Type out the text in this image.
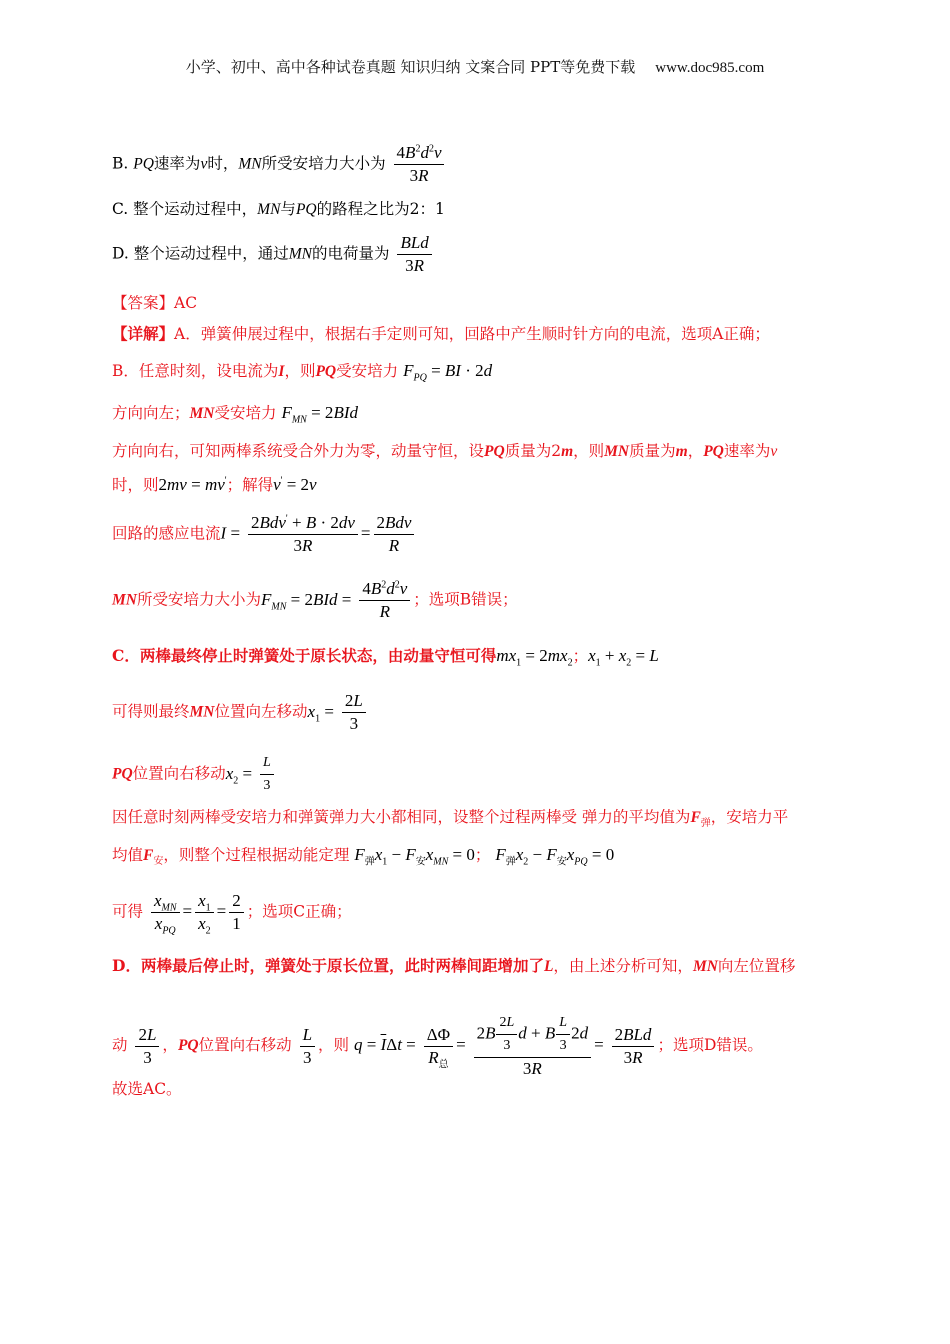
小学、初中、高中各种试卷真题 知识归纳 文案合同 PPT等免费下载 www.doc985.com
B. PQ速率为v时，MN所受安培力大小为 $\frac{4B^2d^2v}{3R}$
C. 整个运动过程中，MN与PQ的路程之比为2：1
D. 整个运动过程中，通过MN的电荷量为 $\frac{\text{BLd}}{3R}$
【答案】AC
【详解】A．弹簧伸展过程中，根据右手定则可知，回路中产生顺时针方向的电流，选项A正确；
B．任意时刻，设电流为I，则PQ受安培力 $F_{PQ}$ = BI · 2d
方向向左；MN受安培力 $F_{MN} = 2BId$
方向向右，可知两棒系统受合外力为零，动量守恒，设PQ质量为2m，则MN质量为m，PQ速率为v
时，则2mv = mv'；解得v' = 2v
回路的感应电流$I = \frac{2Bdv' + B \cdot 2dv}{3R} = \frac{\text{2Bdv}}{R}$
MN所受安培力大小为$F_{MN} = 2BId = \frac{4B^2d^2v}{R}$ ；选项B错误；
C．两棒最终停止时弹簧处于原长状态，由动量守恒可得$mx_1 = 2mx_2$；$x_1 + x_2 = L$
可得则最终MN位置向左移动$x_1 = \frac{2L}{3}$
PQ位置向右移动$x_2 = \frac{L}{3}$
因任意时刻两棒受安培力和弹簧弹力大小都相同，设整个过程两棒受 弹力的平均值为$F_弹$，安培力平
均值$F_安$，则整个过程根据动能定理 $F_弹x_1 - F_安x_{MN} = 0$； $F_弹x_2 - F_安x_{PQ} = 0$
可得 $\frac{x_{MN}}{x_{PQ}} = \frac{x_1}{x_2} = \frac{2}{1}$ ；选项C正确；
D．两棒最后停止时，弹簧处于原长位置，此时两棒间距增加了L，由上述分析可知，MN向左位置移
动 $\frac{2L}{3}$ ，PQ位置向右移动 $\frac{L}{3}$ ，则 $q = \overline{I}\Delta t = \frac{\Delta\Phi}{R_总} = \frac{2B \frac{2L}{3} d + B \frac{L}{3} 2d}{3R} = \frac{\text{2BLd}}{3R}$ ；选项D错误。
故选AC。
